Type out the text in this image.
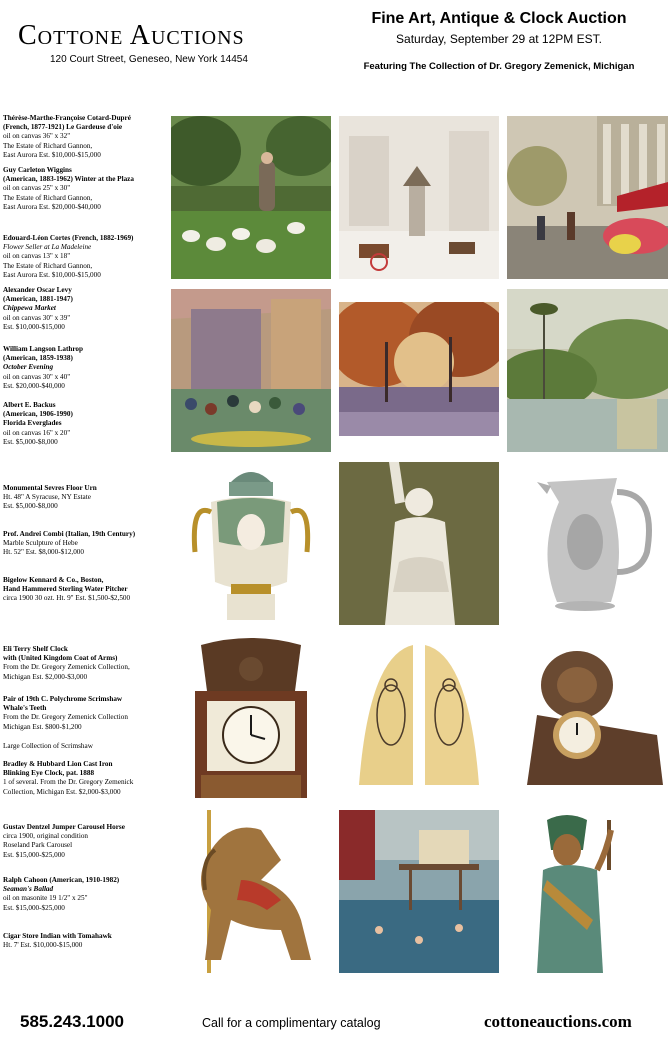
Cottone Auctions
120 Court Street, Geneseo, New York 14454
Fine Art, Antique & Clock Auction
Saturday, September 29 at 12PM EST.
Featuring The Collection of Dr. Gregory Zemenick, Michigan
Thérèse-Marthe-Françoise Cotard-Dupré
(French, 1877-1921) Le Gardeuse d'oie
oil on canvas 36" x 32"
The Estate of Richard Gannon,
East Aurora Est. $10,000-$15,000
Guy Carleton Wiggins
(American, 1883-1962) Winter at the Plaza
oil on canvas 25" x 30"
The Estate of Richard Gannon,
East Aurora Est. $20,000-$40,000
Edouard-Léon Cortes (French, 1882-1969)
Flower Seller at La Madeleine
oil on canvas 13" x 18"
The Estate of Richard Gannon,
East Aurora Est. $10,000-$15,000
Alexander Oscar Levy
(American, 1881-1947)
Chippewa Market
oil on canvas 30" x 39"
Est. $10,000-$15,000
William Langson Lathrop
(American, 1859-1938)
October Evening
oil on canvas 30" x 40"
Est. $20,000-$40,000
Albert E. Backus
(American, 1906-1990)
Florida Everglades
oil on canvas 16" x 20"
Est. $5,000-$8,000
Monumental Sevres Floor Urn
Ht. 48" A Syracuse, NY Estate
Est. $5,000-$8,000
Prof. Andrei Combi (Italian, 19th Century)
Marble Sculpture of Hebe
Ht. 52" Est. $8,000-$12,000
Bigelow Kennard & Co., Boston,
Hand Hammered Sterling Water Pitcher
circa 1900 30 ozt. Ht. 9" Est. $1,500-$2,500
Eli Terry Shelf Clock
with (United Kingdom Coat of Arms)
From the Dr. Gregory Zemenick Collection,
Michigan Est. $2,000-$3,000
Pair of 19th C. Polychrome Scrimshaw
Whale's Teeth
From the Dr. Gregory Zemenick Collection
Michigan Est. $800-$1,200
Large Collection of Scrimshaw
Bradley & Hubbard Lion Cast Iron
Blinking Eye Clock, pat. 1888
1 of several. From the Dr. Gregory Zemenick
Collection, Michigan Est. $2,000-$3,000
Gustav Dentzel Jumper Carousel Horse
circa 1900, original condition
Roseland Park Carousel
Est. $15,000-$25,000
Ralph Cahoon (American, 1910-1982)
Seaman's Ballad
oil on masonite 19 1/2" x 25"
Est. $15,000-$25,000
Cigar Store Indian with Tomahawk
Ht. 7' Est. $10,000-$15,000
585.243.1000	Call for a complimentary catalog	cottoneauctions.com
